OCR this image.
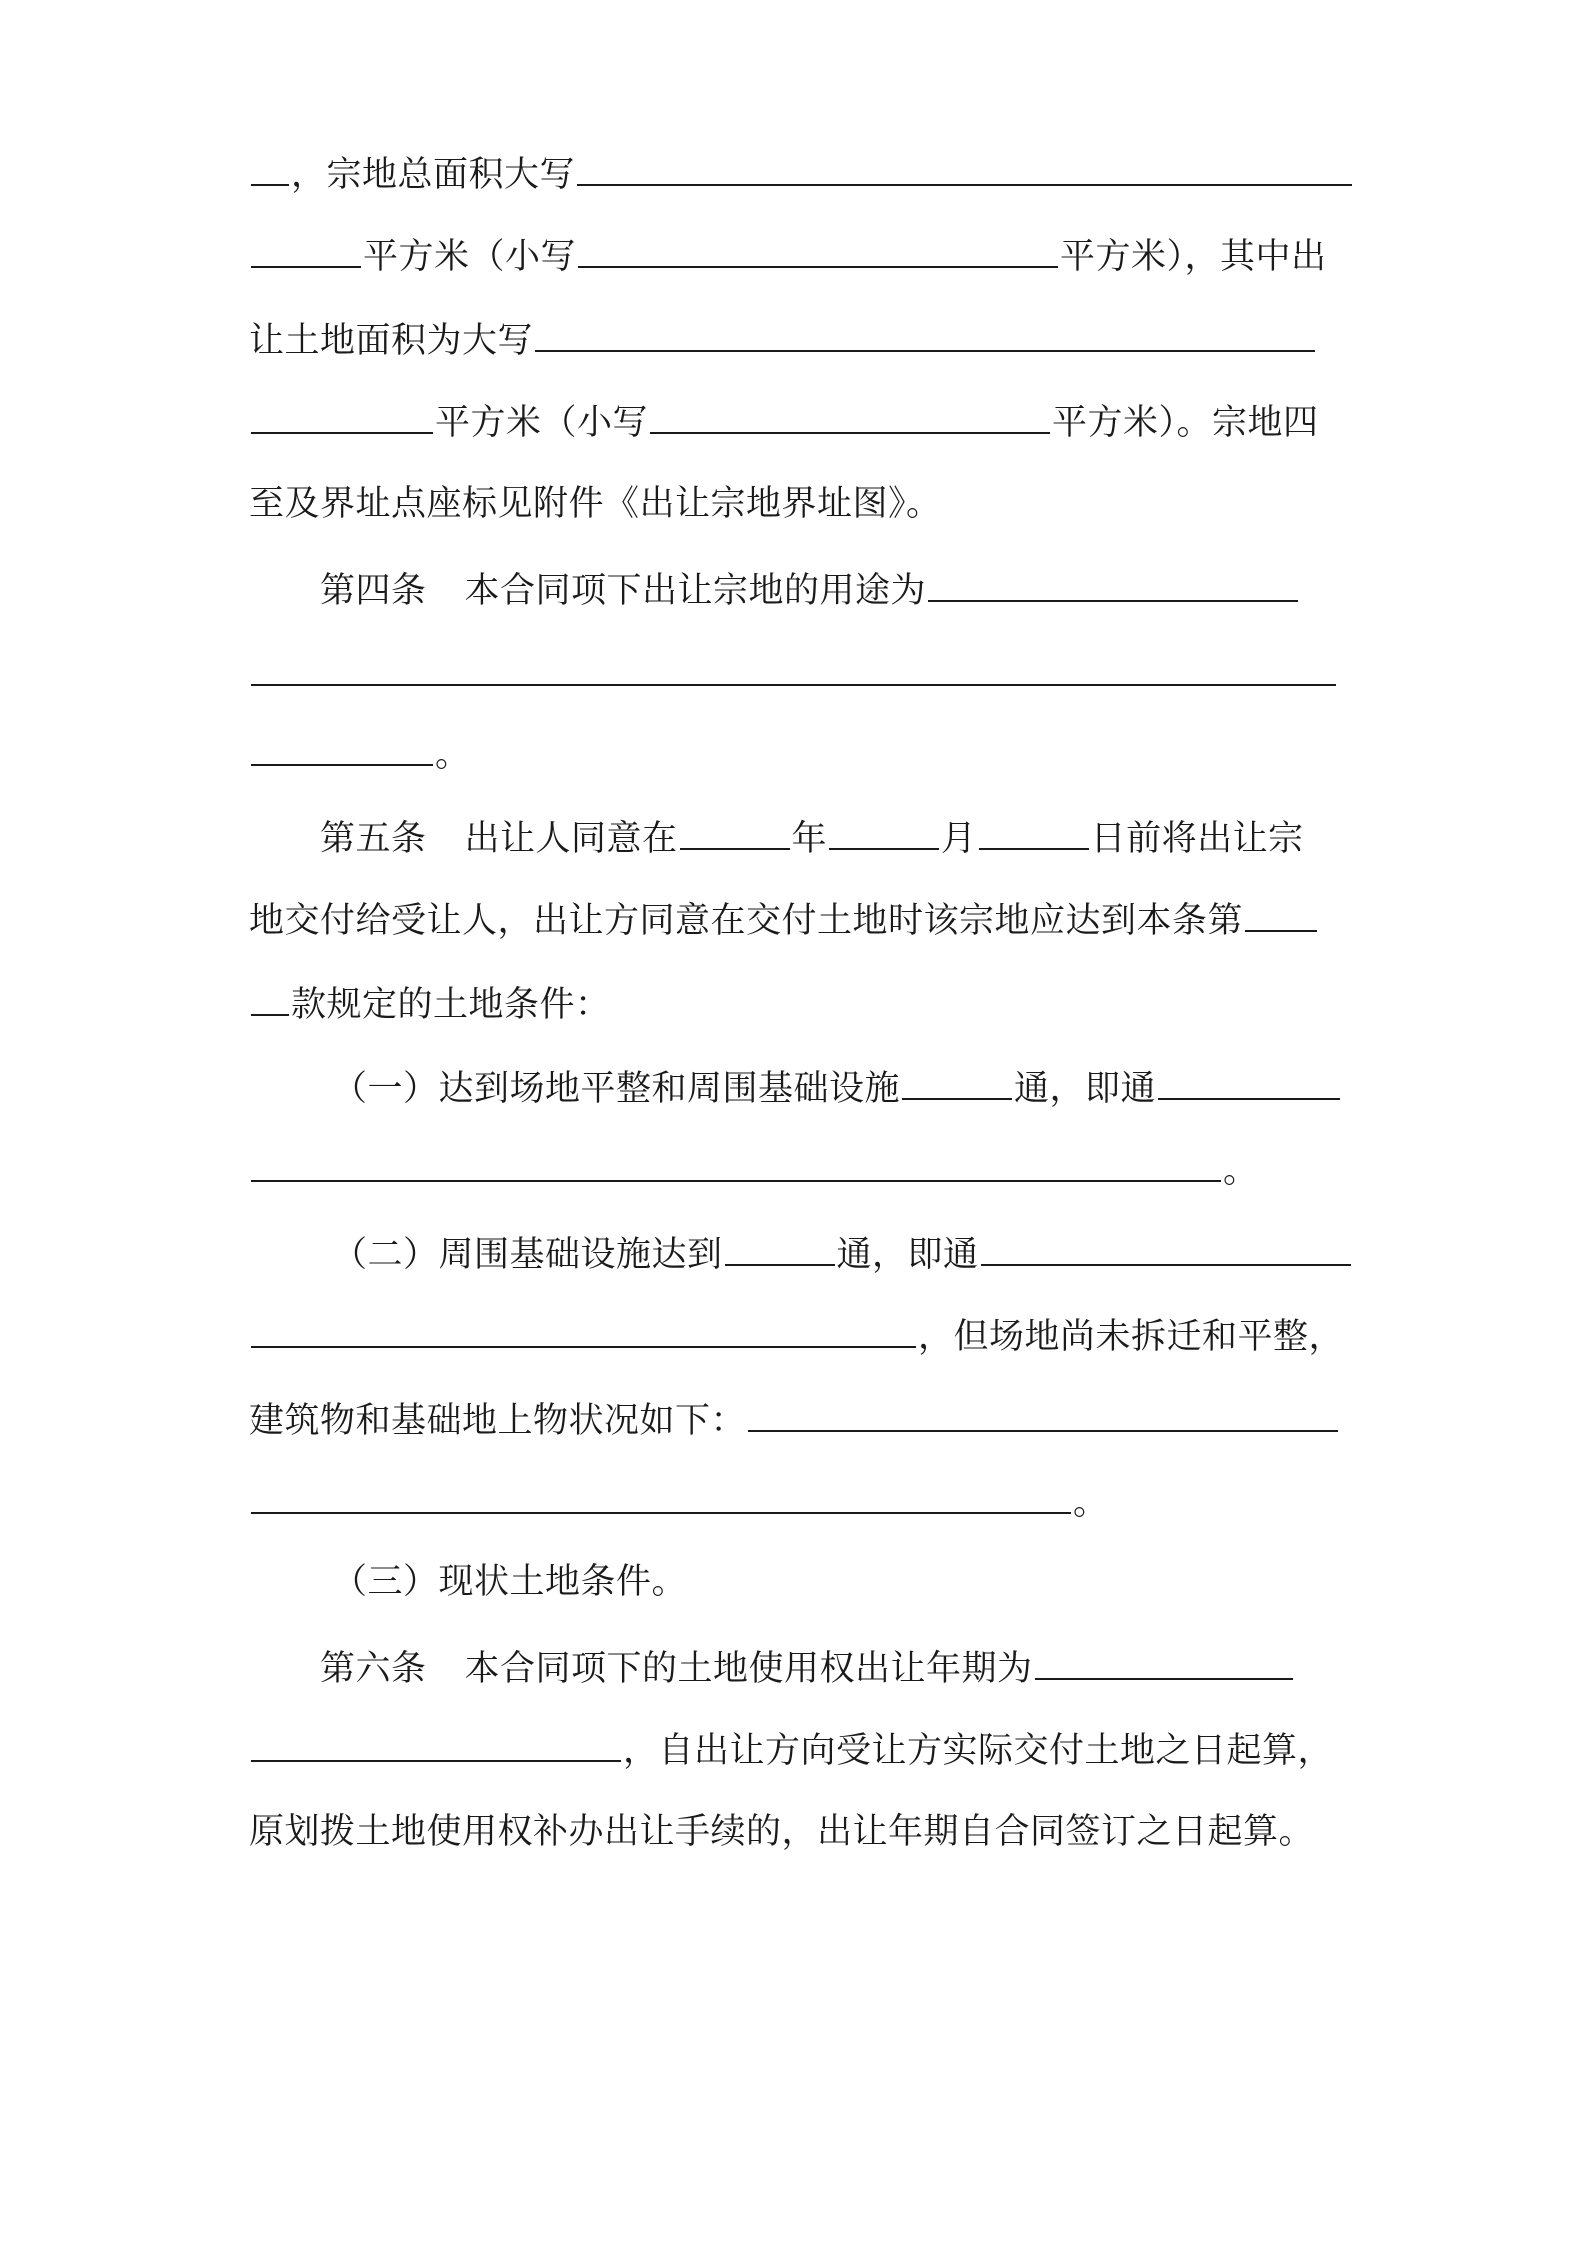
，宗地总面积大写
平方米（小写	平方米），其中出
让土地面积为大写
平方米（小写	平方米）。宗地四
至及界址点座标见附件《出让宗地界址图》。
第四条 本合同项下出让宗地的用途为
。
第五条 出让人同意在	年	月	日前将出让宗
地交付给受让人，出让方同意在交付土地时该宗地应达到本条第
款规定的土地条件：
（一）达到场地平整和周围基础设施	通，即通
。
（二）周围基础设施达到	通，即通
，但场地尚未拆迁和平整，
建筑物和基础地上物状况如下：
。
（三）现状土地条件。
第六条 本合同项下的土地使用权出让年期为
，自出让方向受让方实际交付土地之日起算，
原划拨土地使用权补办出让手续的，出让年期自合同签订之日起算。
